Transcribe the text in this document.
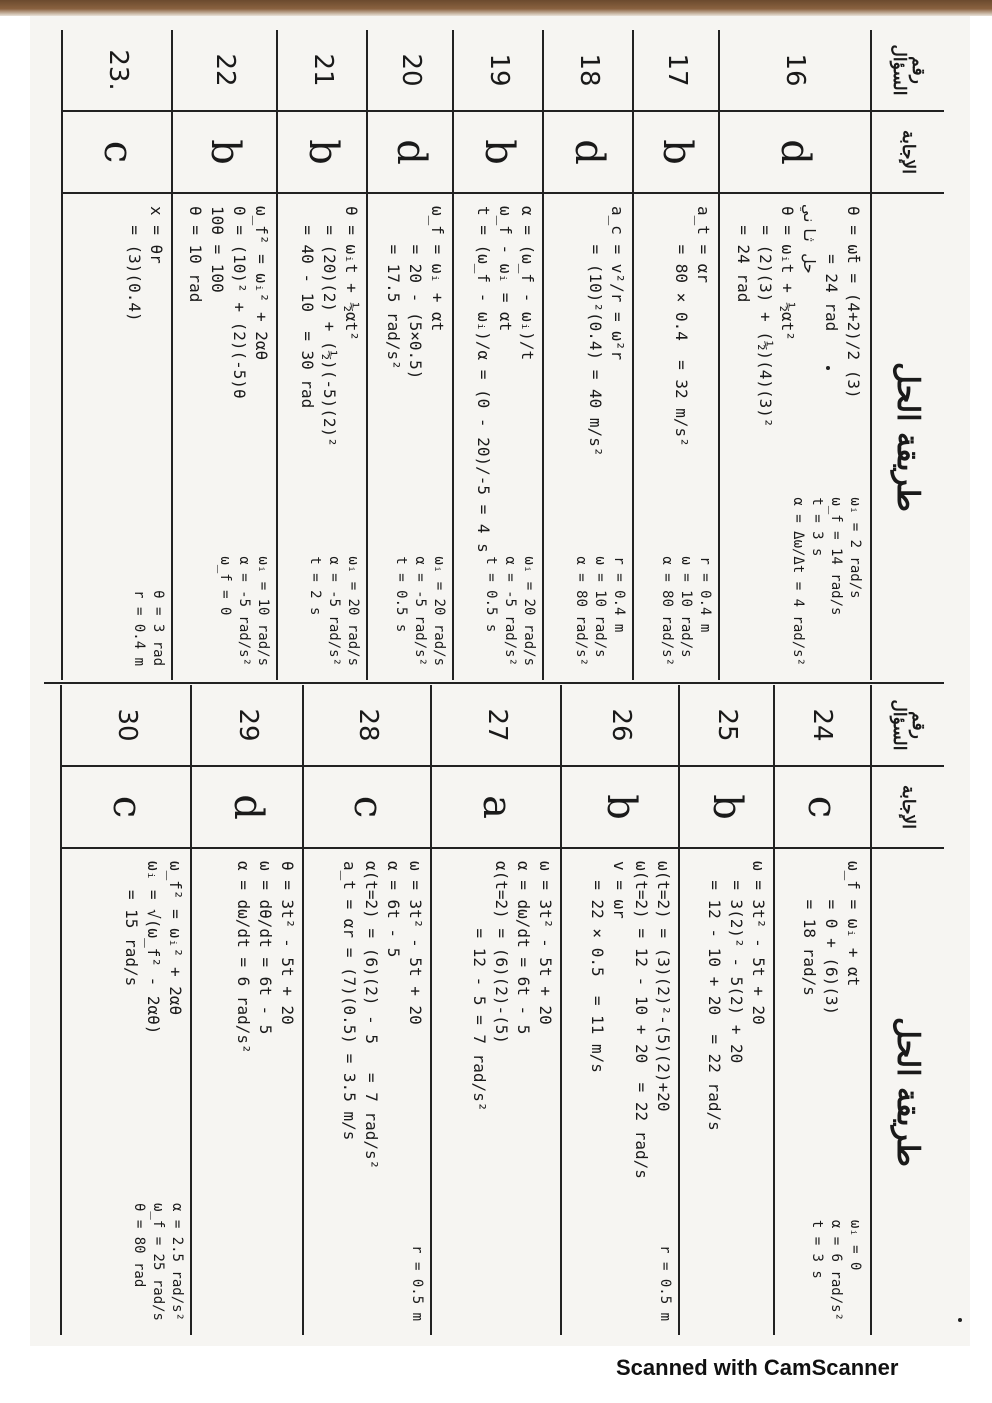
رقم السؤال
الإجابة
طريقة الحل
16
d
θ = ω̄t = (4+2)/2 (3)
= 24 rad
حل ثاني
θ = ωᵢt + ½αt²
= (2)(3) + (½)(4)(3)²
= 24 rad
ωᵢ = 2 rad/s
ω_f = 14 rad/s
t = 3 s
α = Δω/Δt = 4 rad/s²
17
b
a_t = αr
= 80 × 0.4  = 32 m/s²
r = 0.4 m
ω = 10 rad/s
α = 80 rad/s²
18
d
a_c = v²/r = ω²r
= (10)²(0.4) = 40 m/s²
r = 0.4 m
ω = 10 rad/s
α = 80 rad/s²
19
b
α = (ω_f - ωᵢ)/t
ω_f - ωᵢ = αt
t = (ω_f - ωᵢ)/α = (0 - 20)/-5 = 4 s
ωᵢ = 20 rad/s
α = -5 rad/s²
t = 0.5 s
20
d
ω_f = ωᵢ + αt
= 20 - (5×0.5)
= 17.5 rad/s²
ωᵢ = 20 rad/s
α = -5 rad/s²
t = 0.5 s
21
b
θ = ωᵢt + ½αt²
= (20)(2) + (½)(-5)(2)²
= 40 - 10  = 30 rad
ωᵢ = 20 rad/s
α = -5 rad/s²
t = 2 s
22
b
ω_f² = ωᵢ² + 2αθ
0 = (10)² + (2)(-5)θ
10θ = 100
θ = 10 rad
ωᵢ = 10 rad/s
α = -5 rad/s²
ω_f = 0
23.
c
x = θr
= (3)(0.4)
θ = 3 rad
r = 0.4 m
رقم السؤال
الإجابة
طريقة الحل
24
c
ω_f = ωᵢ + αt
= 0 + (6)(3)
= 18 rad/s
ωᵢ = 0
α = 6 rad/s²
t = 3 s
25
b
ω = 3t² - 5t + 20
= 3(2)² - 5(2) + 20
= 12 - 10 + 20  = 22 rad/s
26
b
ω(t=2) = (3)(2)²-(5)(2)+20
ω(t=2) = 12 - 10 + 20  = 22 rad/s
v = ωr
= 22 × 0.5  = 11 m/s
r = 0.5 m
27
a
ω = 3t² - 5t + 20
α = dω/dt = 6t - 5
α(t=2) = (6)(2)-(5)
= 12 - 5 = 7 rad/s²
28
c
ω = 3t² - 5t + 20
α = 6t - 5
α(t=2) = (6)(2) - 5   = 7 rad/s²
a_t = αr = (7)(0.5) = 3.5 m/s
r = 0.5 m
29
d
θ = 3t² - 5t + 20
ω = dθ/dt = 6t - 5
α = dω/dt = 6 rad/s²
30
c
ω_f² = ωᵢ² + 2αθ
ωᵢ = √(ω_f² - 2αθ)
= 15 rad/s
α = 2.5 rad/s²
ω_f = 25 rad/s
θ = 80 rad
Scanned with CamScanner
